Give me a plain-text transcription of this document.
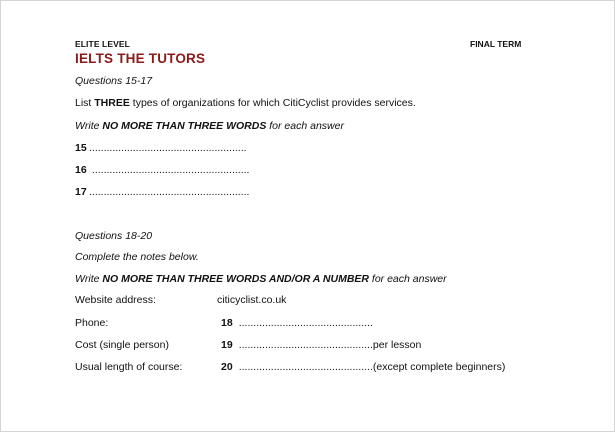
ELITE LEVEL	FINAL TERM
IELTS THE TUTORS
Questions 15-17
List THREE types of organizations for which CitiCyclist provides services.
Write NO MORE THAN THREE WORDS for each answer
15 ......................................................
16 ......................................................
17 .......................................................
Questions 18-20
Complete the notes below.
Write NO MORE THAN THREE WORDS AND/OR A NUMBER for each answer
Website address:	citicyclist.co.uk
Phone:	18 ..............................................
Cost (single person)	19 ..............................................per lesson
Usual length of course:	20 ..............................................(except complete beginners)
